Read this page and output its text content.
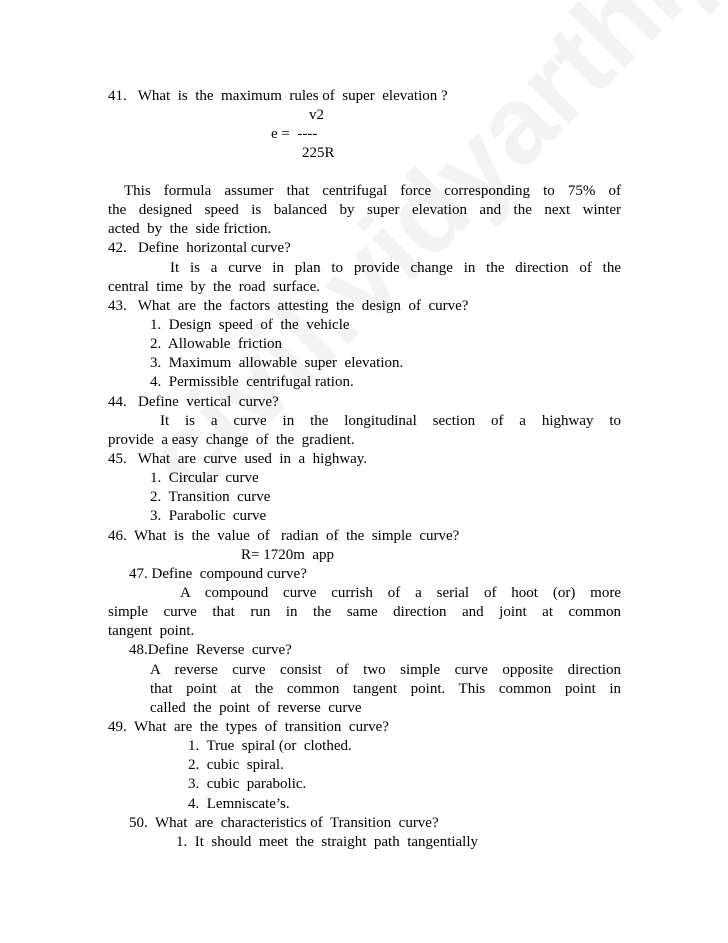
41.   What  is  the  maximum  rules of  super  elevation ?

v2

e =  ----

225R

This formula assumer that centrifugal force corresponding to 75% of

the designed speed is balanced by super elevation and the next winter

acted  by  the  side friction.

42.   Define  horizontal curve?

It is a curve in plan to provide change in the direction of the

central  time  by  the  road  surface.

43.   What  are  the  factors  attesting  the  design  of  curve?

1.  Design  speed  of  the  vehicle

2.  Allowable  friction

3.  Maximum  allowable  super  elevation.

4.  Permissible  centrifugal ration.

44.   Define  vertical  curve?

It is a curve in the longitudinal section of a highway to

provide  a easy  change  of  the  gradient.

45.   What  are  curve  used  in  a  highway.

1.  Circular  curve

2.  Transition  curve

3.  Parabolic  curve

46.  What  is  the  value  of   radian  of  the  simple  curve?

R= 1720m  app

47. Define  compound curve?

A compound curve currish of a serial of hoot (or) more

simple curve that run in the same direction and joint at common

tangent  point.

48.Define  Reverse  curve?

A reverse curve consist of two simple curve opposite direction

that point at the common tangent point. This common point in

called  the  point  of  reverse  curve

49.  What  are  the  types  of  transition  curve?

1.  True  spiral (or  clothed.

2.  cubic  spiral.

3.  cubic  parabolic.

4.  Lemniscate’s.

50.  What  are  characteristics of  Transition  curve?

1.  It  should  meet  the  straight  path  tangentially
